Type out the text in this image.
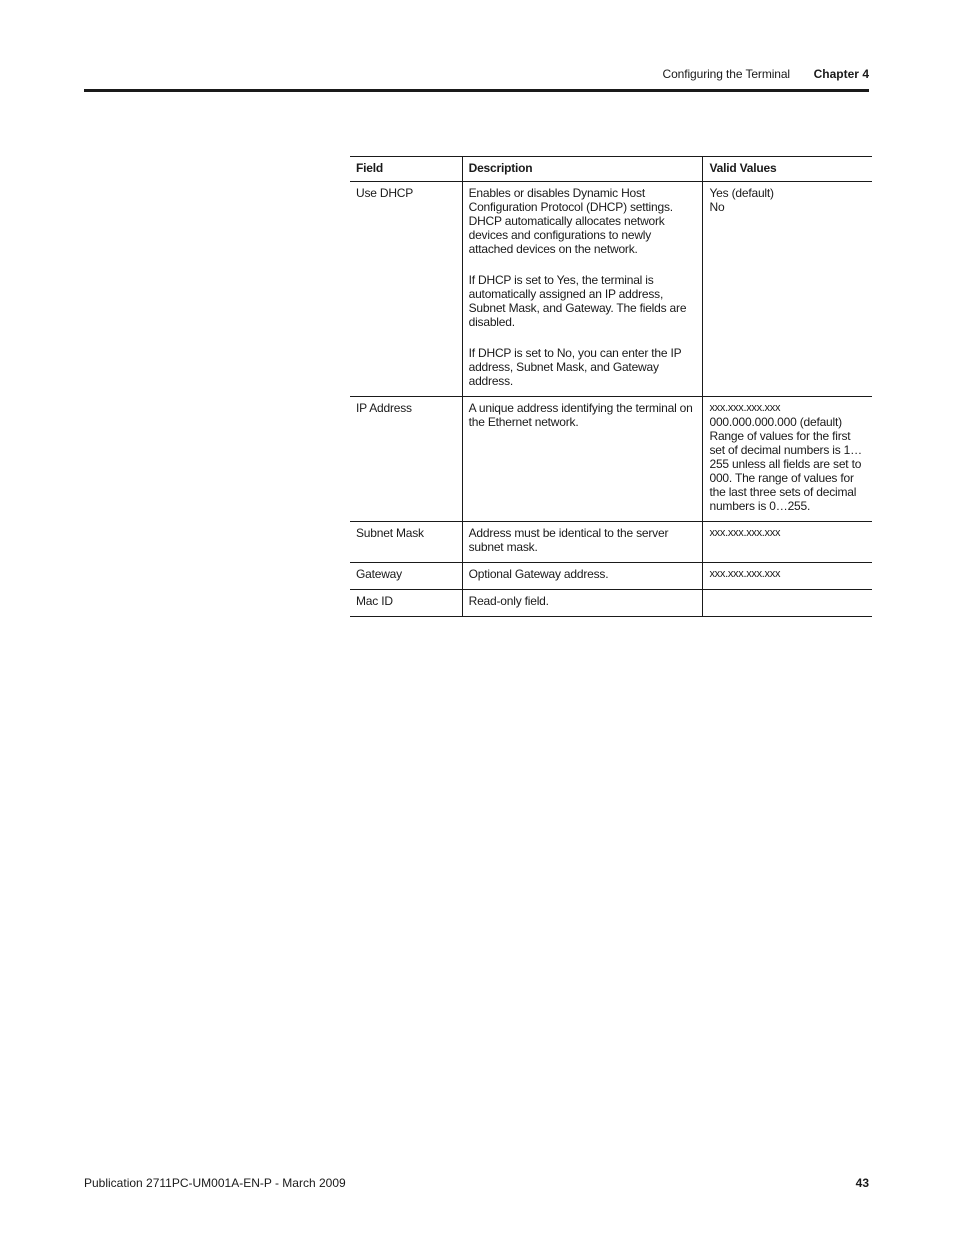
Configuring the Terminal Chapter 4
Field	Description	Valid Values
Use DHCP	Enables or disables Dynamic Host Configuration Protocol (DHCP) settings. DHCP automatically allocates network devices and configurations to newly attached devices on the network.
If DHCP is set to Yes, the terminal is automatically assigned an IP address, Subnet Mask, and Gateway. The fields are disabled.
If DHCP is set to No, you can enter the IP address, Subnet Mask, and Gateway address.	Yes (default)
No

IP Address	A unique address identifying the terminal on the Ethernet network.	xxx.xxx.xxx.xxx
000.000.000.000 (default)
Range of values for the first set of decimal numbers is 1…255 unless all fields are set to 000. The range of values for the last three sets of decimal numbers is 0…255.

Subnet Mask	Address must be identical to the server subnet mask.	xxx.xxx.xxx.xxx

Gateway	Optional Gateway address.	xxx.xxx.xxx.xxx

Mac ID	Read-only field.	

Publication 2711PC-UM001A-EN-P - March 2009	43
